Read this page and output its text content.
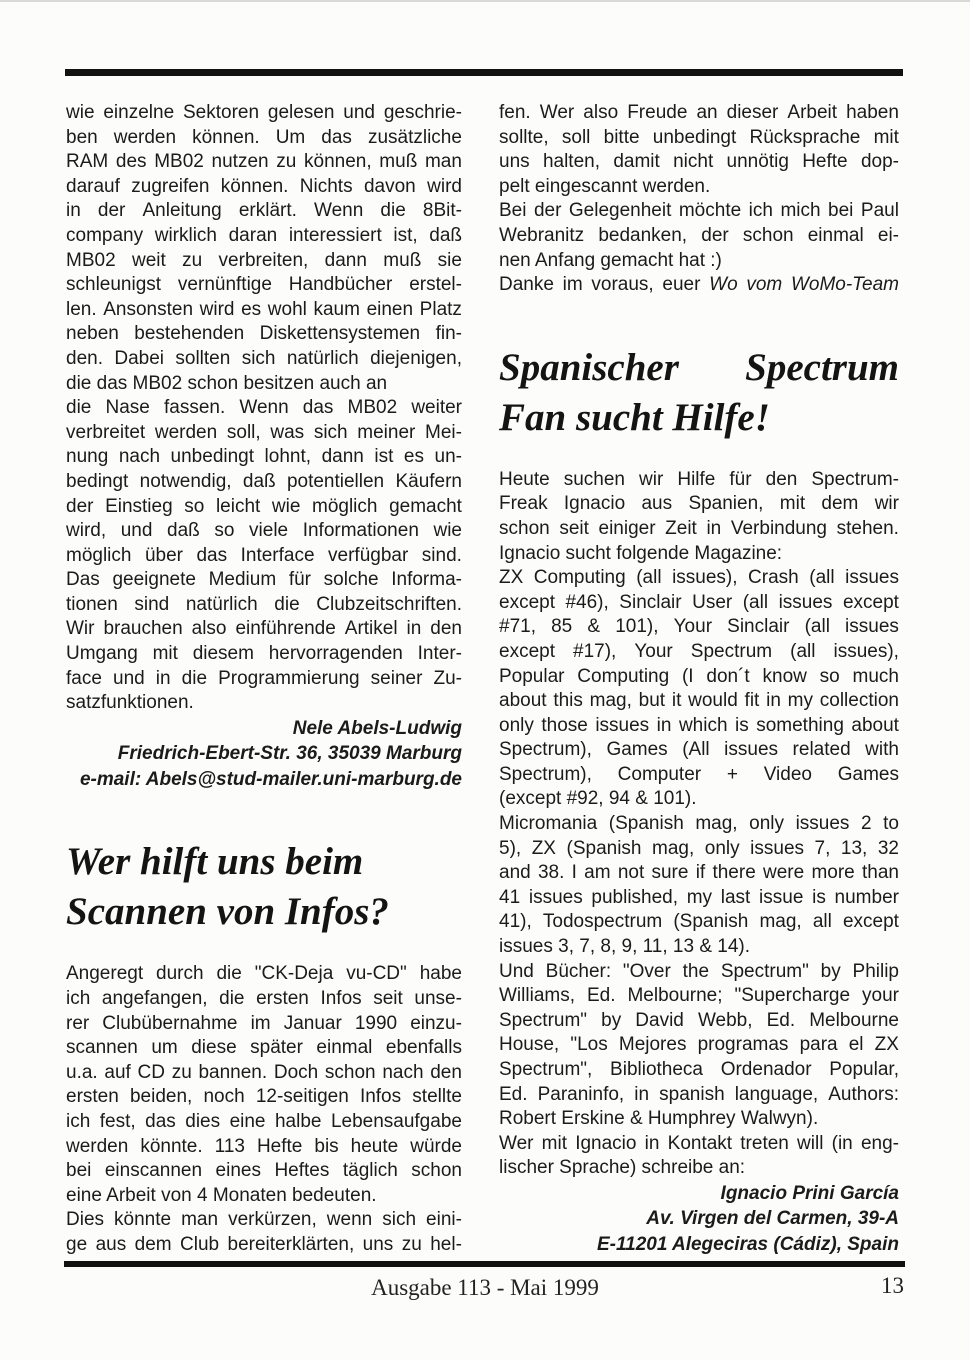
wie einzelne Sektoren gelesen und geschrie-
ben werden können. Um das zusätzliche
RAM des MB02 nutzen zu können, muß man
darauf zugreifen können. Nichts davon wird
in der Anleitung erklärt. Wenn die 8Bit-
company wirklich daran interessiert ist, daß
MB02 weit zu verbreiten, dann muß sie
schleunigst vernünftige Handbücher erstel-
len. Ansonsten wird es wohl kaum einen Platz
neben bestehenden Diskettensystemen fin-
den. Dabei sollten sich natürlich diejenigen,
die das MB02 schon besitzen auch an
die Nase fassen. Wenn das MB02 weiter
verbreitet werden soll, was sich meiner Mei-
nung nach unbedingt lohnt, dann ist es un-
bedingt notwendig, daß potentiellen Käufern
der Einstieg so leicht wie möglich gemacht
wird, und daß so viele Informationen wie
möglich über das Interface verfügbar sind.
Das geeignete Medium für solche Informa-
tionen sind natürlich die Clubzeitschriften.
Wir brauchen also einführende Artikel in den
Umgang mit diesem hervorragenden Inter-
face und in die Programmierung seiner Zu-
satzfunktionen.
Nele Abels-Ludwig
Friedrich-Ebert-Str. 36, 35039 Marburg
e-mail: Abels@stud-mailer.uni-marburg.de
Wer hilft uns beim
Scannen von Infos?
Angeregt durch die "CK-Deja vu-CD" habe
ich angefangen, die ersten Infos seit unse-
rer Clubübernahme im Januar 1990 einzu-
scannen um diese später einmal ebenfalls
u.a. auf CD zu bannen. Doch schon nach den
ersten beiden, noch 12-seitigen Infos stellte
ich fest, das dies eine halbe Lebensaufgabe
werden könnte. 113 Hefte bis heute würde
bei einscannen eines Heftes täglich schon
eine Arbeit von 4 Monaten bedeuten.
Dies könnte man verkürzen, wenn sich eini-
ge aus dem Club bereiterklärten, uns zu hel-
fen. Wer also Freude an dieser Arbeit haben
sollte, soll bitte unbedingt Rücksprache mit
uns halten, damit nicht unnötig Hefte dop-
pelt eingescannt werden.
Bei der Gelegenheit möchte ich mich bei Paul
Webranitz bedanken, der schon einmal ei-
nen Anfang gemacht hat :)
Danke im voraus, euer Wo vom WoMo-Team
Spanischer Spectrum
Fan sucht Hilfe!
Heute suchen wir Hilfe für den Spectrum-
Freak Ignacio aus Spanien, mit dem wir
schon seit einiger Zeit in Verbindung stehen.
Ignacio sucht folgende Magazine:
ZX Computing (all issues), Crash (all issues
except #46), Sinclair User (all issues except
#71, 85 & 101), Your Sinclair (all issues
except #17), Your Spectrum (all issues),
Popular Computing (I don´t know so much
about this mag, but it would fit in my collection
only those issues in which is something about
Spectrum), Games (All issues related with
Spectrum), Computer + Video Games
(except #92, 94 & 101).
Micromania (Spanish mag, only issues 2 to
5), ZX (Spanish mag, only issues 7, 13, 32
and 38. I am not sure if there were more than
41 issues published, my last issue is number
41), Todospectrum (Spanish mag, all except
issues 3, 7, 8, 9, 11, 13 & 14).
Und Bücher: "Over the Spectrum" by Philip
Williams, Ed. Melbourne; "Supercharge your
Spectrum" by David Webb, Ed. Melbourne
House, "Los Mejores programas para el ZX
Spectrum", Bibliotheca Ordenador Popular,
Ed. Paraninfo, in spanish language, Authors:
Robert Erskine & Humphrey Walwyn).
Wer mit Ignacio in Kontakt treten will (in eng-
lischer Sprache) schreibe an:
Ignacio Prini García
Av. Virgen del Carmen, 39-A
E-11201 Alegeciras (Cádiz), Spain
Ausgabe 113 - Mai 1999	13
